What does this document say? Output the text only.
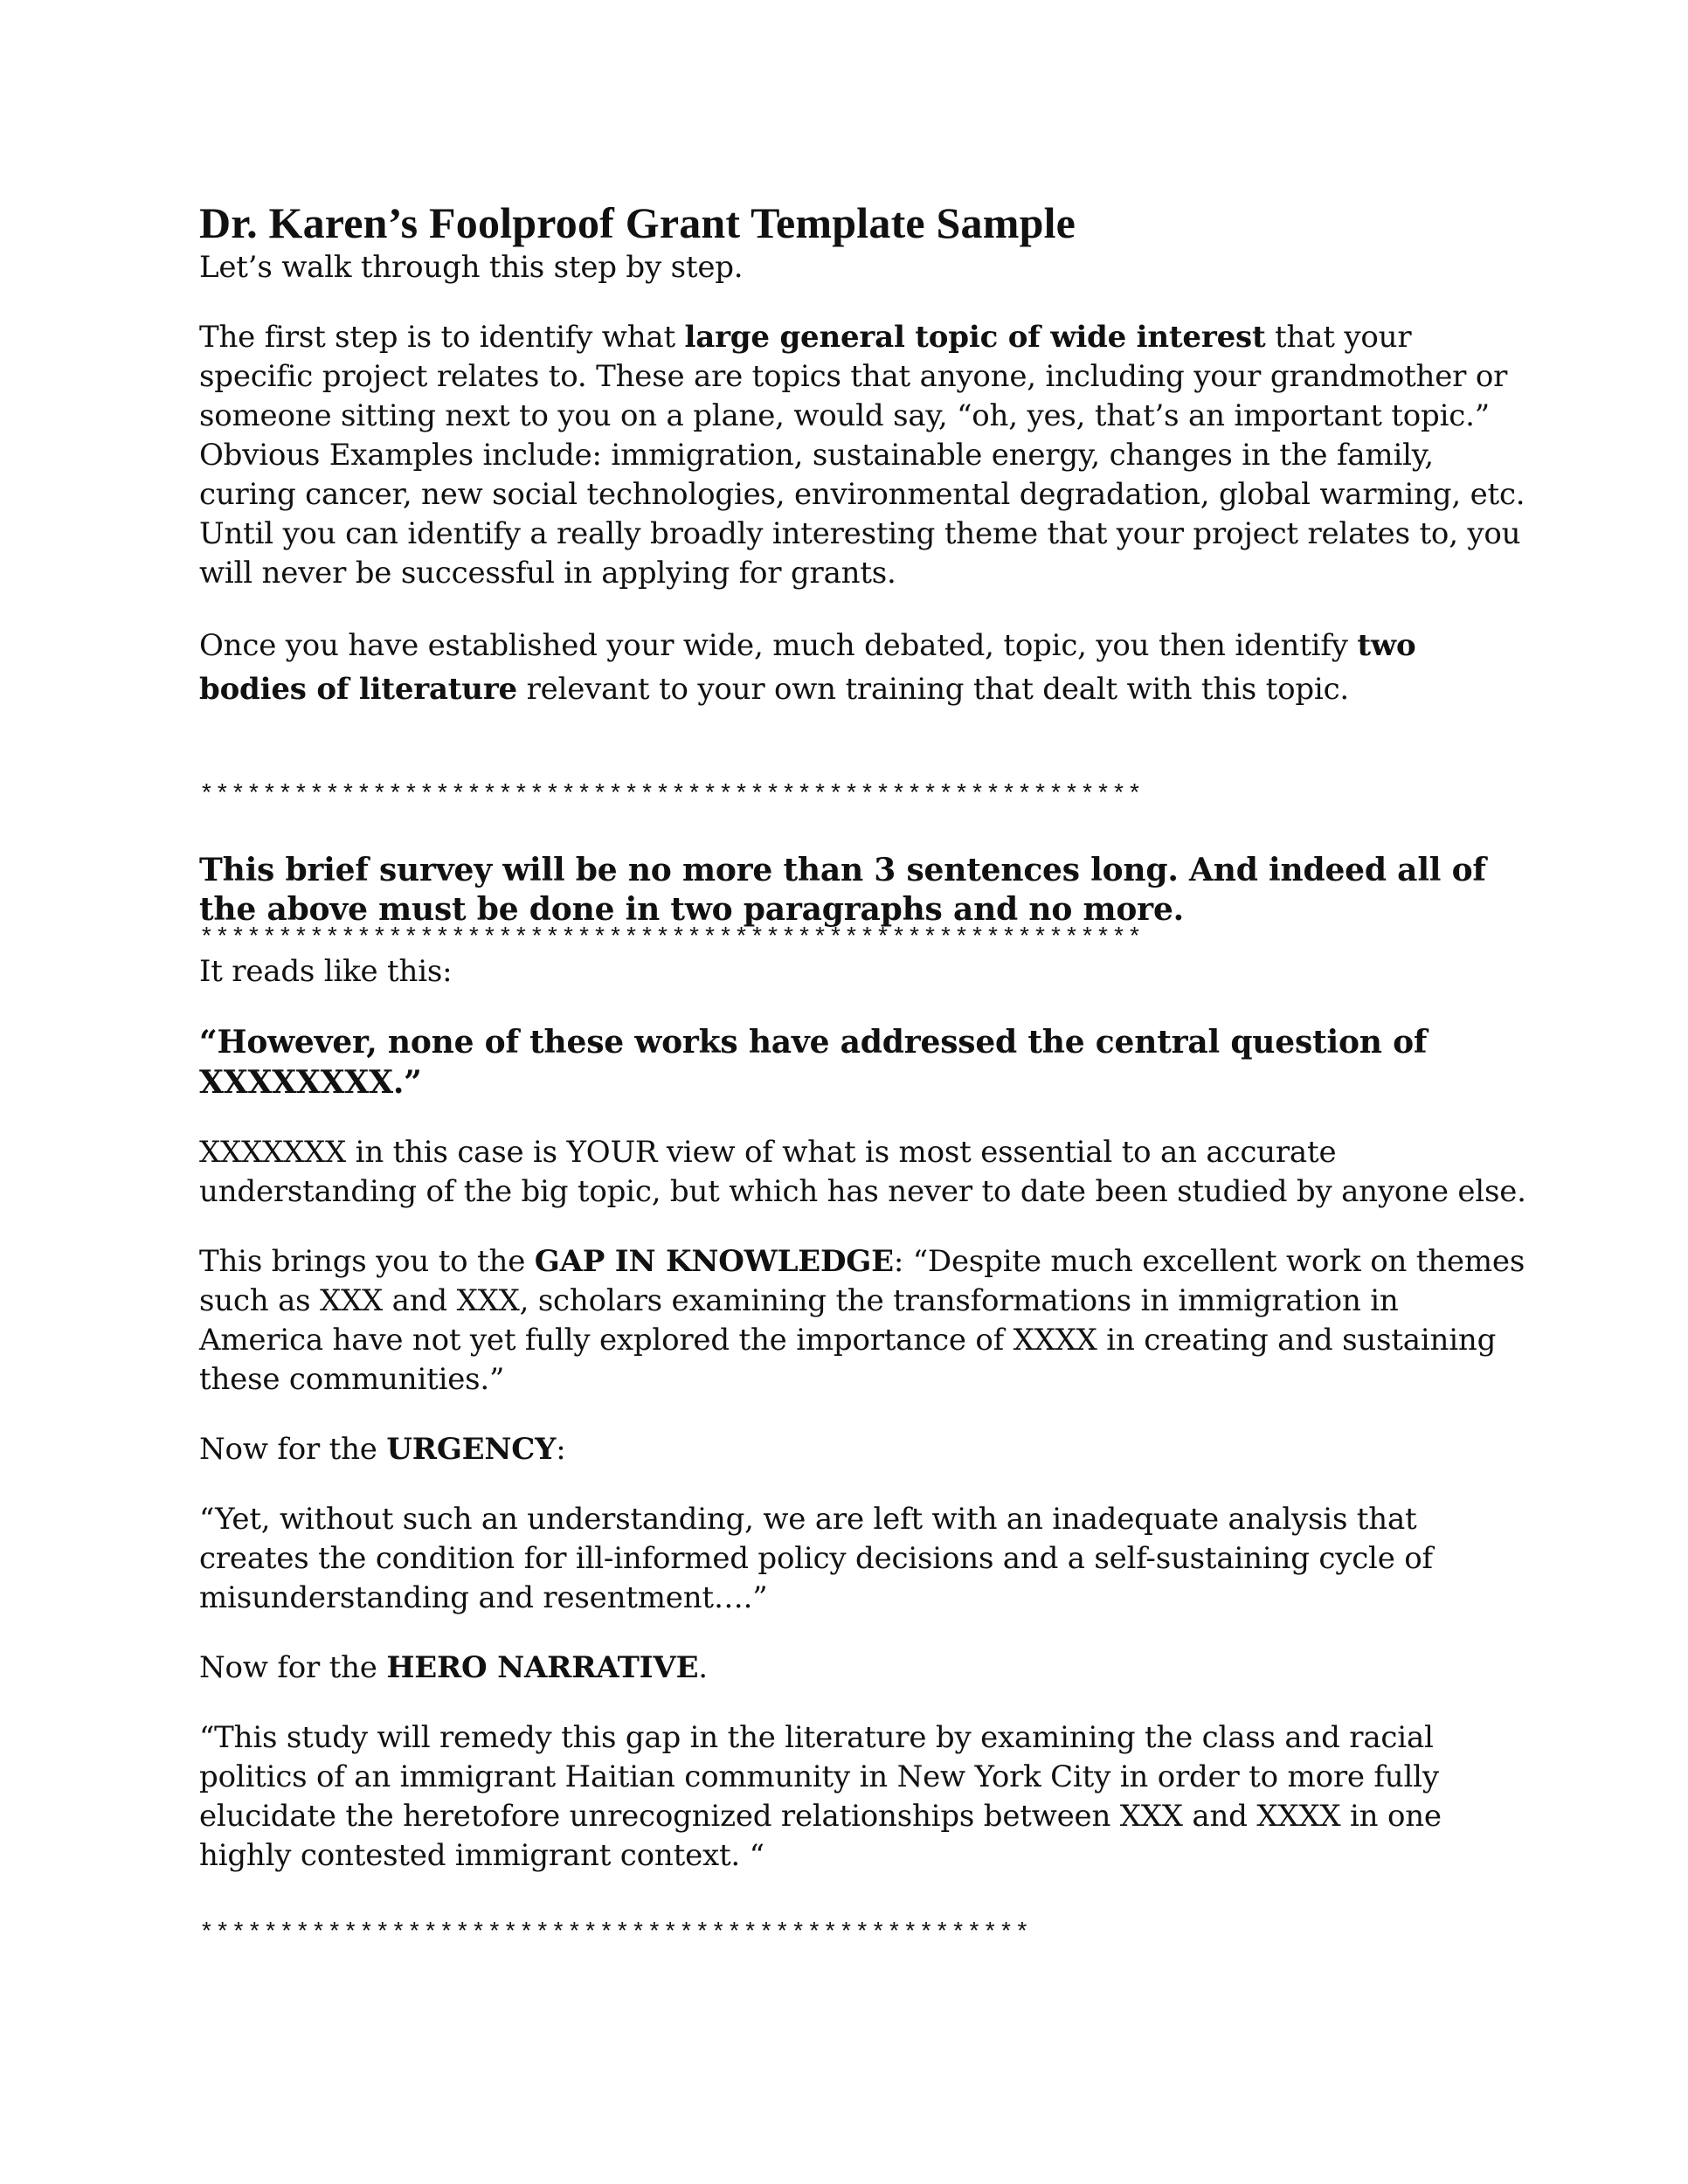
Dr. Karen’s Foolproof Grant Template Sample

Let’s walk through this step by step.

The first step is to identify what large general topic of wide interest that your specific project relates to. These are topics that anyone, including your grandmother or someone sitting next to you on a plane, would say, “oh, yes, that’s an important topic.” Obvious Examples include: immigration, sustainable energy, changes in the family, curing cancer, new social technologies, environmental degradation, global warming, etc. Until you can identify a really broadly interesting theme that your project relates to, you will never be successful in applying for grants.

Once you have established your wide, much debated, topic, you then identify two bodies of literature relevant to your own training that dealt with this topic.

************************************************************

This brief survey will be no more than 3 sentences long. And indeed all of the above must be done in two paragraphs and no more.

************************************************************

It reads like this:

“However, none of these works have addressed the central question of XXXXXXXX.”

XXXXXXX in this case is YOUR view of what is most essential to an accurate understanding of the big topic, but which has never to date been studied by anyone else.

This brings you to the GAP IN KNOWLEDGE: “Despite much excellent work on themes such as XXX and XXX, scholars examining the transformations in immigration in America have not yet fully explored the importance of XXXX in creating and sustaining these communities.”

Now for the URGENCY:

“Yet, without such an understanding, we are left with an inadequate analysis that creates the condition for ill-informed policy decisions and a self-sustaining cycle of misunderstanding and resentment….”

Now for the HERO NARRATIVE.

“This study will remedy this gap in the literature by examining the class and racial politics of an immigrant Haitian community in New York City in order to more fully elucidate the heretofore unrecognized relationships between XXX and XXXX in one highly contested immigrant context. “

****************************************************
